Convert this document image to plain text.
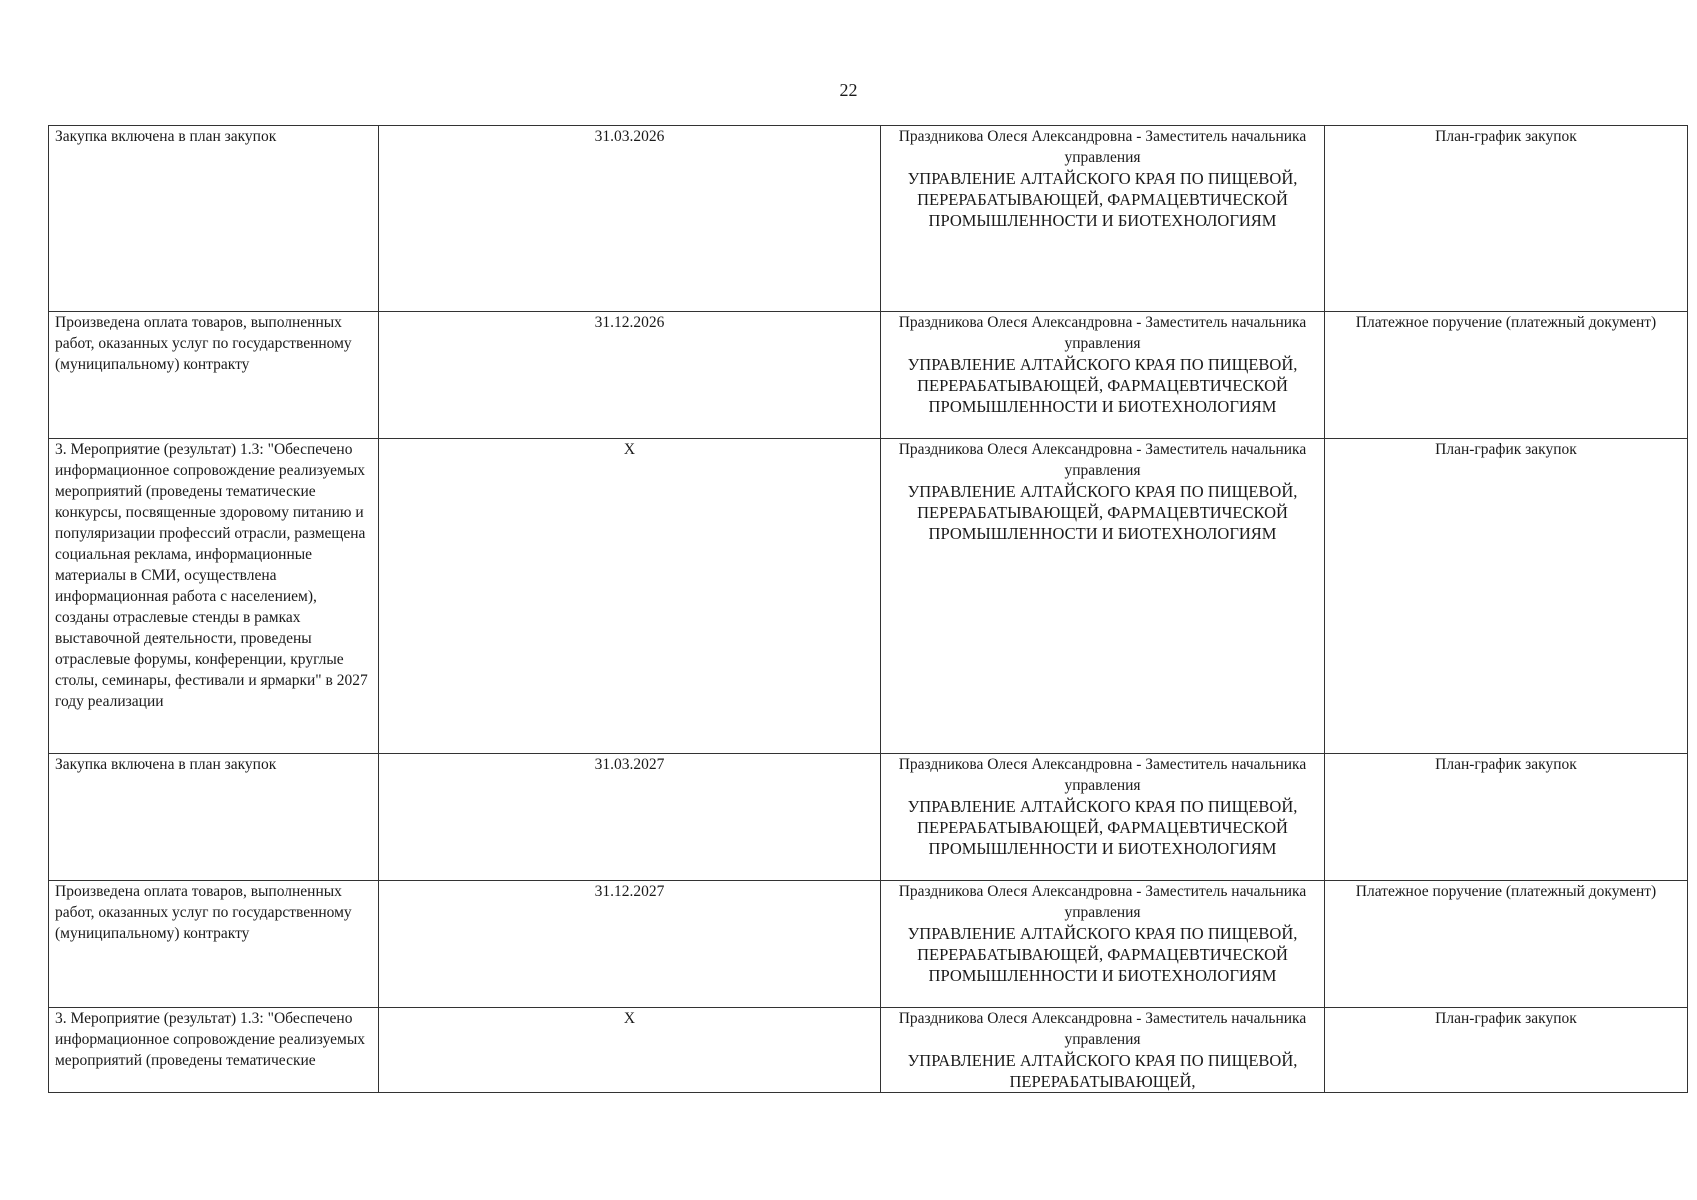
22
Закупка включена в план закупок	31.03.2026	Праздникова Олеся Александровна - Заместитель начальника управления
УПРАВЛЕНИЕ АЛТАЙСКОГО КРАЯ ПО ПИЩЕВОЙ, ПЕРЕРАБАТЫВАЮЩЕЙ, ФАРМАЦЕВТИЧЕСКОЙ ПРОМЫШЛЕННОСТИ И БИОТЕХНОЛОГИЯМ	План-график закупок
Произведена оплата товаров, выполненных работ, оказанных услуг по государственному (муниципальному) контракту	31.12.2026	Праздникова Олеся Александровна - Заместитель начальника управления
УПРАВЛЕНИЕ АЛТАЙСКОГО КРАЯ ПО ПИЩЕВОЙ, ПЕРЕРАБАТЫВАЮЩЕЙ, ФАРМАЦЕВТИЧЕСКОЙ ПРОМЫШЛЕННОСТИ И БИОТЕХНОЛОГИЯМ	Платежное поручение (платежный документ)
3. Мероприятие (результат) 1.3: "Обеспечено информационное сопровождение реализуемых мероприятий (проведены тематические конкурсы, посвященные здоровому питанию и популяризации профессий отрасли, размещена социальная реклама, информационные материалы в СМИ, осуществлена информационная работа с населением), созданы отраслевые стенды в рамках выставочной деятельности, проведены отраслевые форумы, конференции, круглые столы, семинары, фестивали и ярмарки" в 2027 году реализации	X	Праздникова Олеся Александровна - Заместитель начальника управления
УПРАВЛЕНИЕ АЛТАЙСКОГО КРАЯ ПО ПИЩЕВОЙ, ПЕРЕРАБАТЫВАЮЩЕЙ, ФАРМАЦЕВТИЧЕСКОЙ ПРОМЫШЛЕННОСТИ И БИОТЕХНОЛОГИЯМ	План-график закупок
Закупка включена в план закупок	31.03.2027	Праздникова Олеся Александровна - Заместитель начальника управления
УПРАВЛЕНИЕ АЛТАЙСКОГО КРАЯ ПО ПИЩЕВОЙ, ПЕРЕРАБАТЫВАЮЩЕЙ, ФАРМАЦЕВТИЧЕСКОЙ ПРОМЫШЛЕННОСТИ И БИОТЕХНОЛОГИЯМ	План-график закупок
Произведена оплата товаров, выполненных работ, оказанных услуг по государственному (муниципальному) контракту	31.12.2027	Праздникова Олеся Александровна - Заместитель начальника управления
УПРАВЛЕНИЕ АЛТАЙСКОГО КРАЯ ПО ПИЩЕВОЙ, ПЕРЕРАБАТЫВАЮЩЕЙ, ФАРМАЦЕВТИЧЕСКОЙ ПРОМЫШЛЕННОСТИ И БИОТЕХНОЛОГИЯМ	Платежное поручение (платежный документ)
3. Мероприятие (результат) 1.3: "Обеспечено информационное сопровождение реализуемых мероприятий (проведены тематические	X	Праздникова Олеся Александровна - Заместитель начальника управления
УПРАВЛЕНИЕ АЛТАЙСКОГО КРАЯ ПО ПИЩЕВОЙ, ПЕРЕРАБАТЫВАЮЩЕЙ,	План-график закупок
